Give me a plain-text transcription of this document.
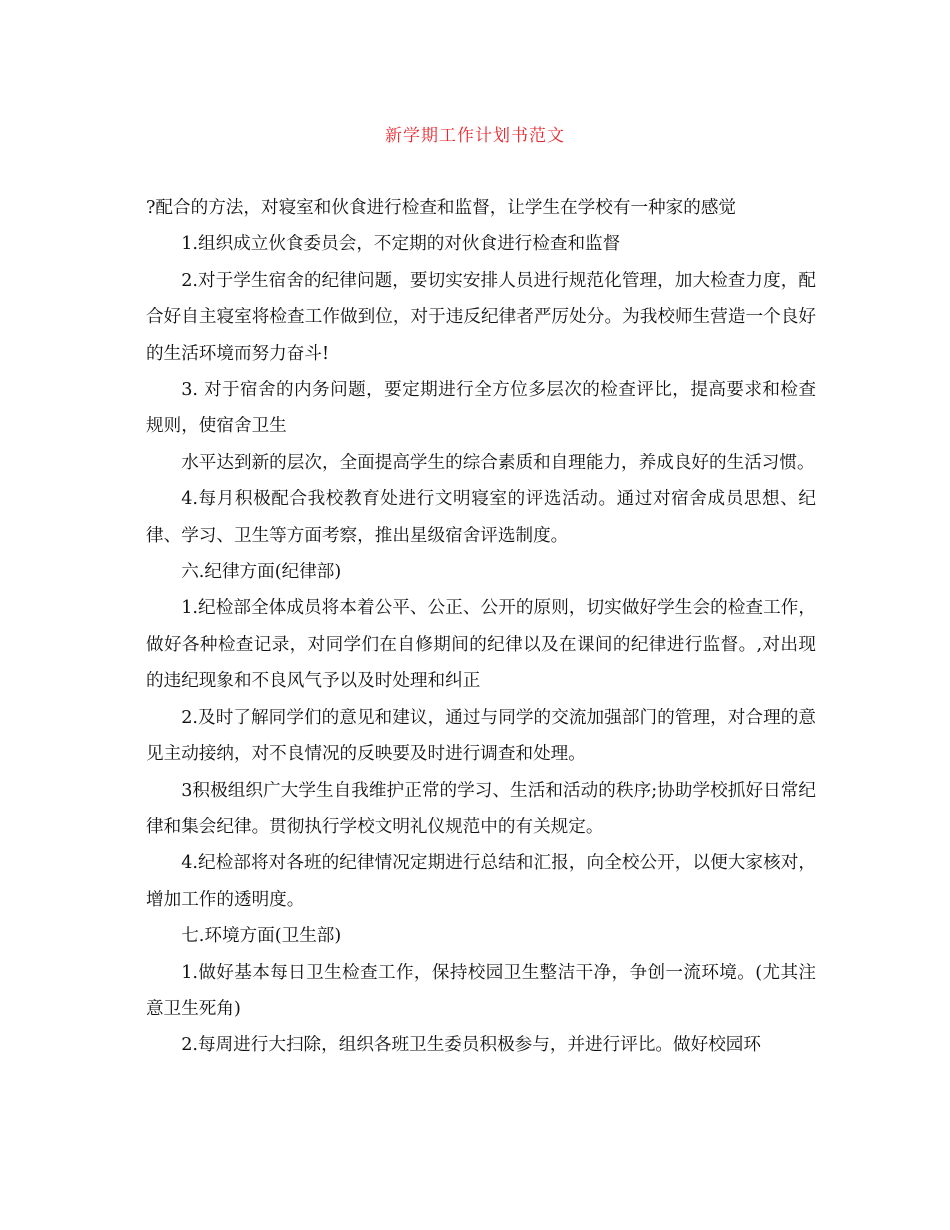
新学期工作计划书范文

?配合的方法，对寝室和伙食进行检查和监督，让学生在学校有一种家的感觉

1.组织成立伙食委员会，不定期的对伙食进行检查和监督

2.对于学生宿舍的纪律问题，要切实安排人员进行规范化管理，加大检查力度，配合好自主寝室将检查工作做到位，对于违反纪律者严厉处分。为我校师生营造一个良好的生活环境而努力奋斗!

3. 对于宿舍的内务问题，要定期进行全方位多层次的检查评比，提高要求和检查规则，使宿舍卫生

水平达到新的层次，全面提高学生的综合素质和自理能力，养成良好的生活习惯。

4.每月积极配合我校教育处进行文明寝室的评选活动。通过对宿舍成员思想、纪律、学习、卫生等方面考察，推出星级宿舍评选制度。

六.纪律方面(纪律部)

1.纪检部全体成员将本着公平、公正、公开的原则，切实做好学生会的检查工作，做好各种检查记录，对同学们在自修期间的纪律以及在课间的纪律进行监督。,对出现的违纪现象和不良风气予以及时处理和纠正

2.及时了解同学们的意见和建议，通过与同学的交流加强部门的管理，对合理的意见主动接纳，对不良情况的反映要及时进行调查和处理。

3积极组织广大学生自我维护正常的学习、生活和活动的秩序;协助学校抓好日常纪律和集会纪律。贯彻执行学校文明礼仪规范中的有关规定。

4.纪检部将对各班的纪律情况定期进行总结和汇报，向全校公开，以便大家核对，增加工作的透明度。

七.环境方面(卫生部)

1.做好基本每日卫生检查工作，保持校园卫生整洁干净，争创一流环境。(尤其注意卫生死角)

2.每周进行大扫除，组织各班卫生委员积极参与，并进行评比。做好校园环
